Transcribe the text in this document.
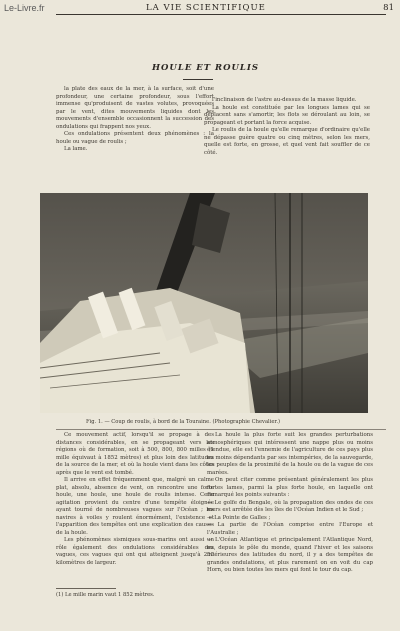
Le-Livre.fr	LA VIE SCIENTIFIQUE	81
HOULE ET ROULIS

la plate des eaux de la mer, à la surface, soit d'une profondeur, une certaine profondeur, sous l'effort immense qu'produisent de vastes volutes, provoquées par le vent, dites mouvements liquides dont les mouvements d'ensemble occasionnent la succession des ondulations qui frappent nos yeux.

Ces ondulations présentent deux phénomènes : la houle ou vague de roulis ;

La lame.

l'inclinaison de l'astre au-dessus de la masse liquide.

La houle est constituée par les longues lames qui se déplacent sans s'amortir, les flots se déroulant au loin, se propageant et portant la force acquise.

Le roulis de la houle qu'elle remarque d'ordinaire qu'elle ne dépasse guère quatre ou cinq mètres, selon les mers, quelle est forte, en grosse, et quel vent fait souffler de ce côté.

Fig. 1. — Coup de roulis, à bord de la Touraine. (Photographie Chevalier.)

Ce mouvement actif, lorsqu'il se propage à des distances considérables, en se propageant vers les régions où de formation, soit à 500, 800, 800 milles (1 mille équivaut à 1852 mètres) et plus loin des latitudes de la source de la mer, et où la houle vient dans les côtes après que le vent est tombé.

Il arrive en effet fréquemment que, malgré un calme plat, absolu, absence de vent, on rencontre une forte houle, une houle, une houle de roulis intense. Celle agitation provient du centre d'une tempête éloignée ayant tourné de nombreuses vagues sur l'Océan ; les navires à voiles y roulent énormément, l'existence et l'apparition des tempêtes ont une explication des causes de la houle.

Les phénomènes sismiques sous-marins ont aussi un rôle également des ondulations considérables des vagues, ces vagues qui ont qui atteignent jusqu'à 250 kilomètres de largeur.

La houle la plus forte suit les grandes perturbations atmosphériques qui intéressent une nappe plus ou moins étendue, elle est l'ennemie de l'agriculture de ces pays plus ou moins dépendants par ses intempéries, de la sauvegarde, les peuples de la proximité de la houle ou de la vague de ces marées.

On peut citer comme présentant généralement les plus fortes lames, parmi la plus forte houle, en laquelle ont remarqué les points suivants :

— Le golfe du Bengale, où la propagation des ondes de ces mers est arrêtée dès les îles de l'Océan Indien et le Sud ;

— La Pointe de Galles ;

— La partie de l'Océan comprise entre l'Europe et l'Australie ;

— L'Océan Atlantique et principalement l'Atlantique Nord, ou, depuis le pôle du monde, quand l'hiver et les saisons intérieures des latitudes du nord, il y a des tempêtes de grandes ondulations, et plus rarement on en voit du cap Horn, ou bien toutes les mers qui font le tour du cap.

(1) Le mille marin vaut 1 852 mètres.
